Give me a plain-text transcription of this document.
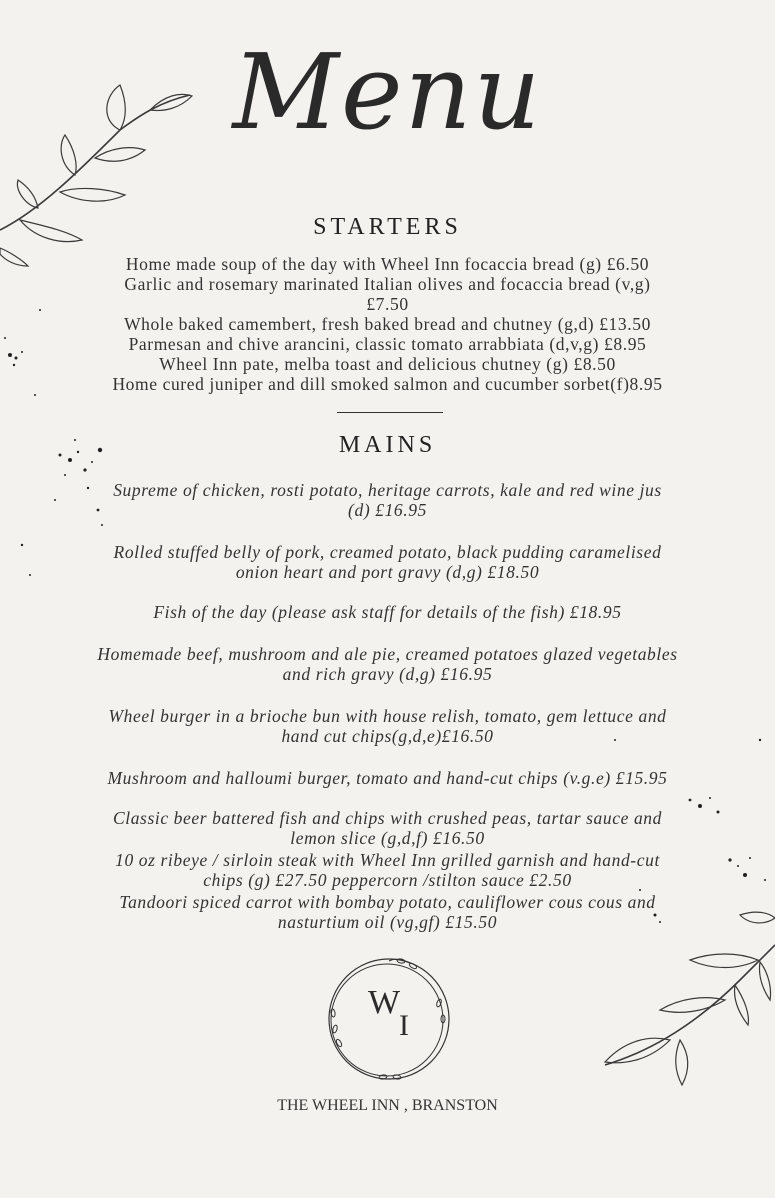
Menu
STARTERS
Home made soup of the day with Wheel Inn focaccia bread (g) £6.50
Garlic and rosemary marinated Italian olives and focaccia bread (v,g)
£7.50
Whole baked camembert, fresh baked bread and chutney (g,d) £13.50
Parmesan and chive arancini, classic tomato arrabbiata (d,v,g) £8.95
Wheel Inn pate, melba toast and delicious chutney (g) £8.50
Home cured juniper and dill smoked salmon and cucumber sorbet(f)8.95
MAINS
Supreme of chicken, rosti potato, heritage carrots, kale and red wine jus
(d) £16.95
Rolled stuffed belly of pork, creamed potato, black pudding caramelised
onion heart and port gravy (d,g) £18.50
Fish of the day (please ask staff for details of the fish) £18.95
Homemade beef, mushroom and ale pie, creamed potatoes glazed vegetables
and rich gravy (d,g) £16.95
Wheel burger in a brioche bun with house relish, tomato, gem lettuce and
hand cut chips(g,d,e)£16.50
Mushroom and halloumi burger, tomato and hand-cut chips (v.g.e) £15.95
Classic beer battered fish and chips with crushed peas, tartar sauce and
lemon slice (g,d,f) £16.50
10 oz ribeye / sirloin steak with Wheel Inn grilled garnish and hand-cut
chips (g) £27.50 peppercorn /stilton sauce £2.50
Tandoori spiced carrot with bombay potato, cauliflower cous cous and
nasturtium oil (vg,gf) £15.50
W
I
THE WHEEL INN , BRANSTON
